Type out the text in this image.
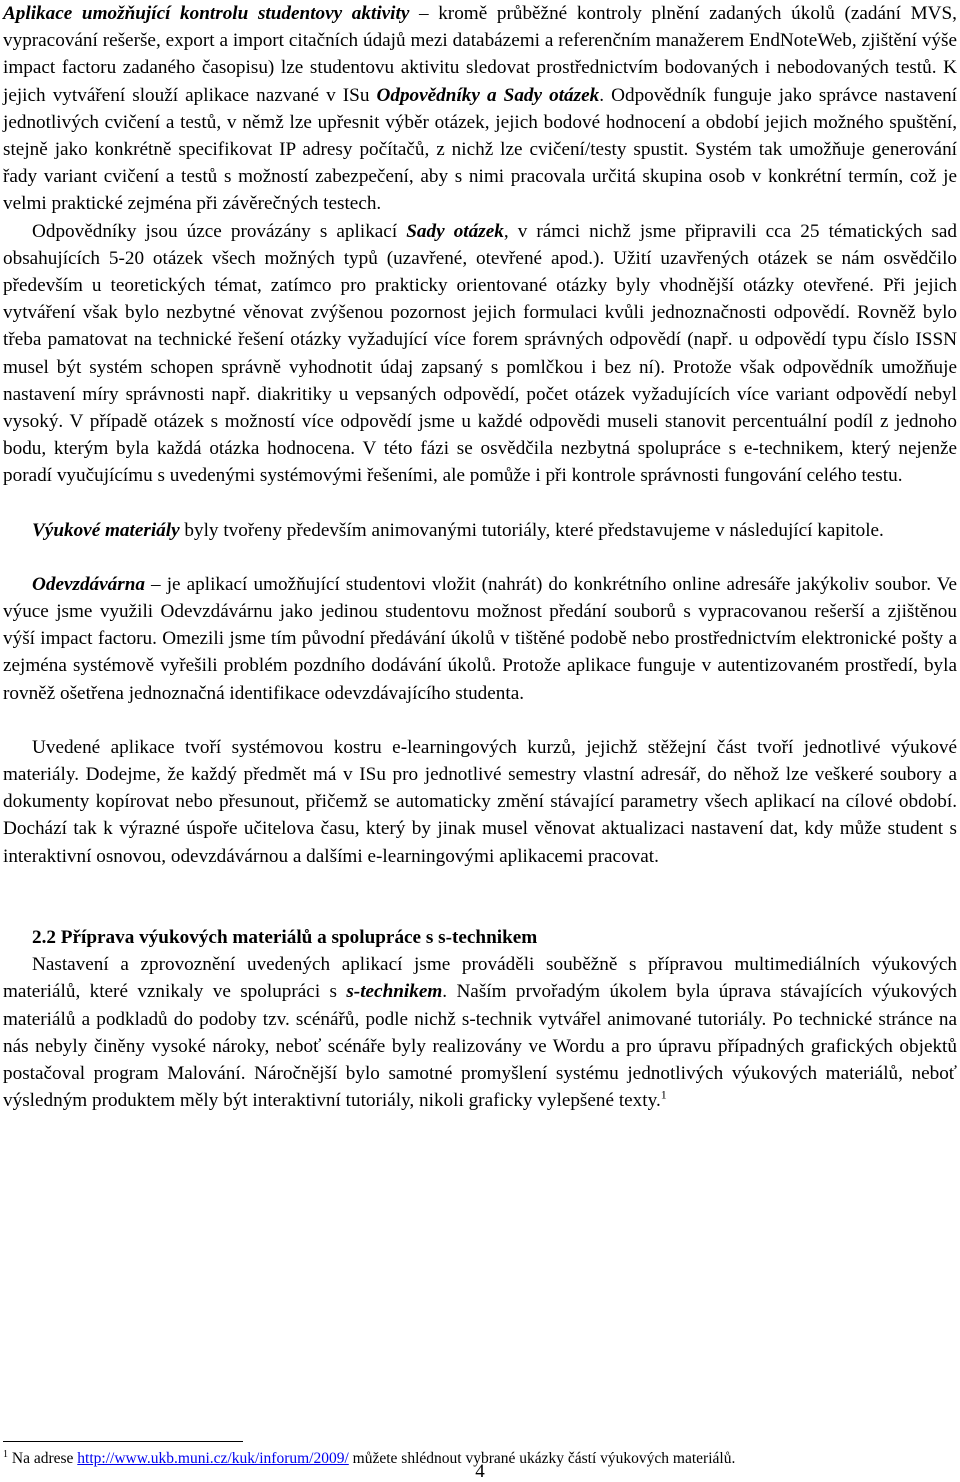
Aplikace umožňující kontrolu studentovy aktivity – kromě průběžné kontroly plnění zadaných úkolů (zadání MVS, vypracování rešerše, export a import citačních údajů mezi databázemi a referenčním manažerem EndNoteWeb, zjištění výše impact factoru zadaného časopisu) lze studentovu aktivitu sledovat prostřednictvím bodovaných i nebodovaných testů. K jejich vytváření slouží aplikace nazvané v ISu Odpovědníky a Sady otázek. Odpovědník funguje jako správce nastavení jednotlivých cvičení a testů, v němž lze upřesnit výběr otázek, jejich bodové hodnocení a období jejich možného spuštění, stejně jako konkrétně specifikovat IP adresy počítačů, z nichž lze cvičení/testy spustit. Systém tak umožňuje generování řady variant cvičení a testů s možností zabezpečení, aby s nimi pracovala určitá skupina osob v konkrétní termín, což je velmi praktické zejména při závěrečných testech.

Odpovědníky jsou úzce provázány s aplikací Sady otázek, v rámci nichž jsme připravili cca 25 tématických sad obsahujících 5-20 otázek všech možných typů (uzavřené, otevřené apod.). Užití uzavřených otázek se nám osvědčilo především u teoretických témat, zatímco pro prakticky orientované otázky byly vhodnější otázky otevřené. Při jejich vytváření však bylo nezbytné věnovat zvýšenou pozornost jejich formulaci kvůli jednoznačnosti odpovědí. Rovněž bylo třeba pamatovat na technické řešení otázky vyžadující více forem správných odpovědí (např. u odpovědí typu číslo ISSN musel být systém schopen správně vyhodnotit údaj zapsaný s pomlčkou i bez ní). Protože však odpovědník umožňuje nastavení míry správnosti např. diakritiky u vepsaných odpovědí, počet otázek vyžadujících více variant odpovědí nebyl vysoký. V případě otázek s možností více odpovědí jsme u každé odpovědi museli stanovit percentuální podíl z jednoho bodu, kterým byla každá otázka hodnocena. V této fázi se osvědčila nezbytná spolupráce s e-technikem, který nejenže poradí vyučujícímu s uvedenými systémovými řešeními, ale pomůže i při kontrole správnosti fungování celého testu.

Výukové materiály byly tvořeny především animovanými tutoriály, které představujeme v následující kapitole.

Odevzdávárna – je aplikací umožňující studentovi vložit (nahrát) do konkrétního online adresáře jakýkoliv soubor. Ve výuce jsme využili Odevzdávárnu jako jedinou studentovu možnost předání souborů s vypracovanou rešerší a zjištěnou výší impact factoru. Omezili jsme tím původní předávání úkolů v tištěné podobě nebo prostřednictvím elektronické pošty a zejména systémově vyřešili problém pozdního dodávání úkolů. Protože aplikace funguje v autentizovaném prostředí, byla rovněž ošetřena jednoznačná identifikace odevzdávajícího studenta.

Uvedené aplikace tvoří systémovou kostru e-learningových kurzů, jejichž stěžejní část tvoří jednotlivé výukové materiály. Dodejme, že každý předmět má v ISu pro jednotlivé semestry vlastní adresář, do něhož lze veškeré soubory a dokumenty kopírovat nebo přesunout, přičemž se automaticky změní stávající parametry všech aplikací na cílové období. Dochází tak k výrazné úspoře učitelova času, který by jinak musel věnovat aktualizaci nastavení dat, kdy může student s interaktivní osnovou, odevzdávárnou a dalšími e-learningovými aplikacemi pracovat.

2.2 Příprava výukových materiálů a spolupráce s s-technikem

Nastavení a zprovoznění uvedených aplikací jsme prováděli souběžně s přípravou multimediálních výukových materiálů, které vznikaly ve spolupráci s s-technikem. Naším prvořadým úkolem byla úprava stávajících výukových materiálů a podkladů do podoby tzv. scénářů, podle nichž s-technik vytvářel animované tutoriály. Po technické stránce na nás nebyly činěny vysoké nároky, neboť scénáře byly realizovány ve Wordu a pro úpravu případných grafických objektů postačoval program Malování. Náročnější bylo samotné promyšlení systému jednotlivých výukových materiálů, neboť výsledným produktem měly být interaktivní tutoriály, nikoli graficky vylepšené texty.$^1$

$^1$ Na adrese http://www.ukb.muni.cz/kuk/inforum/2009/ můžete shlédnout vybrané ukázky částí výukových materiálů.
4
